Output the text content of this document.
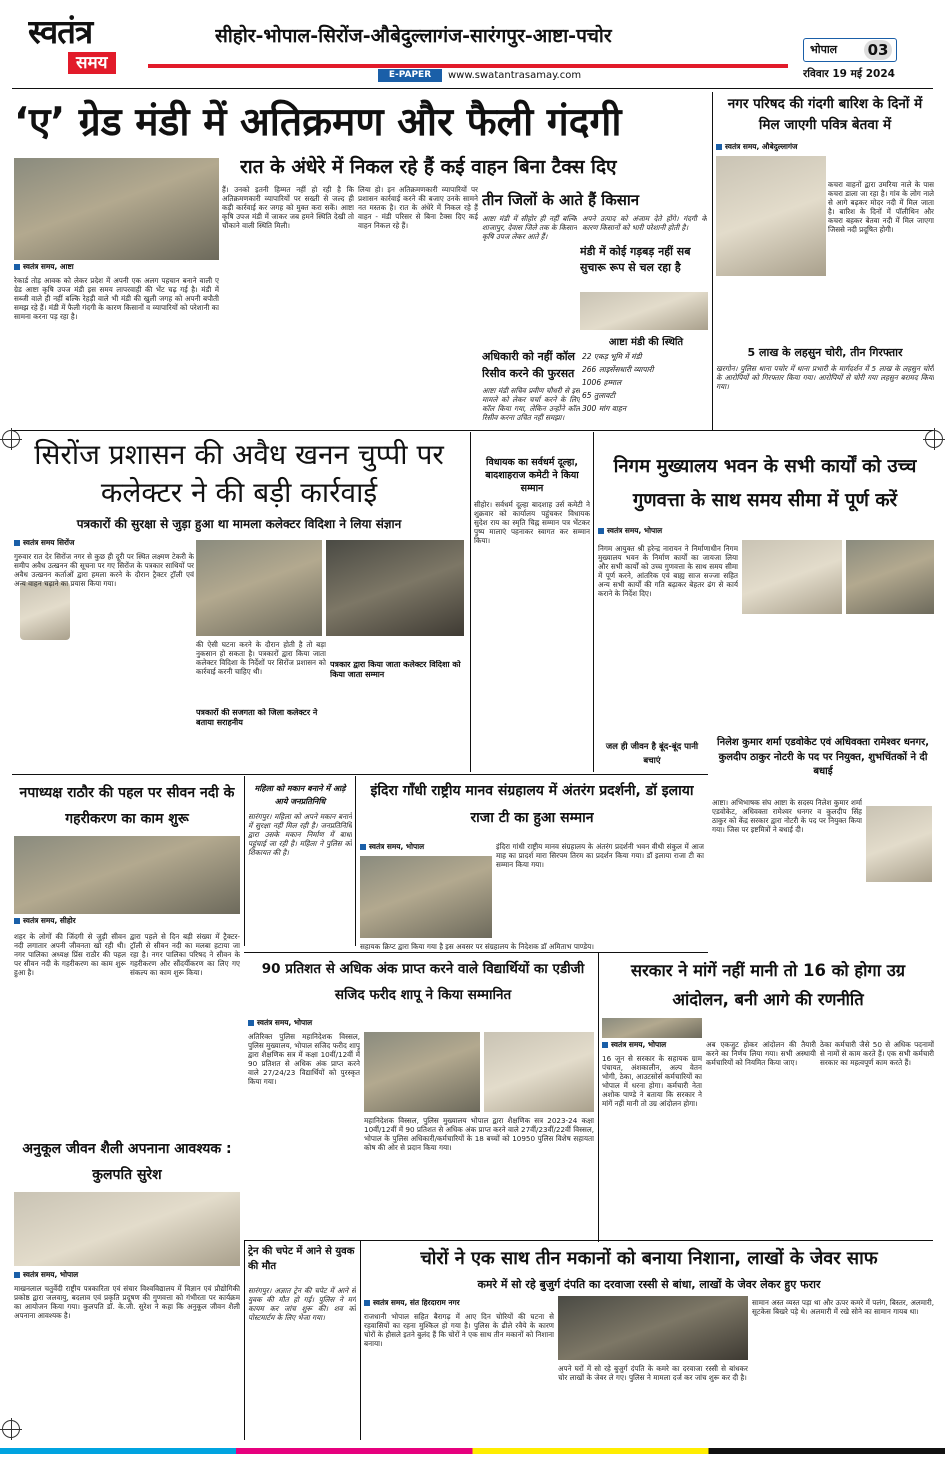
स्वतंत्र
समय
सीहोर-भोपाल-सिरोंज-औबेदुल्लागंज-सारंगपुर-आष्टा-पचोर
E-PAPER	www.swatantrasamay.com
भोपाल 03
रविवार 19 मई 2024
‘ए’ ग्रेड मंडी में अतिक्रमण और फैली गंदगी
रात के अंधेरे में निकल रहे हैं कई वाहन बिना टैक्स दिए
स्वतंत्र समय, आष्टा
रेकार्ड तोड़ आवक को लेकर प्रदेश में अपनी एक अलग पहचान बनाने वाली ए ग्रेड आष्टा कृषि उपज मंडी इस समय लापरवाही की भेंट चढ़ गई है। मंडी में सब्जी वाले ही नहीं बल्कि रेहड़ी वाले भी मंडी की खुली जगह को अपनी बपौती समझ रहे हैं। मंडी में फैली गंदगी के कारण किसानों व व्यापारियों को परेशानी का सामना करना पड़ रहा है।
हैं। उनको इतनी हिम्मत नहीं हो रही है कि अतिक्रमणकारी व्यापारियों पर सख्ती से जल्द ही कड़ी कार्रवाई कर जगह को मुक्त करा सकें। आष्टा कृषि उपज मंडी में जाकर जब हमने स्थिति देखी तो चौंकाने वाली स्थिति मिली।
लिया हो। इन अतिक्रमणकारी व्यापारियों पर प्रशासन कार्रवाई करने की बजाए उनके सामने नत मस्तक है। रात के अंधेरे में निकल रहे हैं वाहन - मंडी परिसर से बिना टैक्स दिए कई वाहन निकल रहे हैं।
तीन जिलों के आते हैं किसान
आष्टा मंडी में सीहोर ही नहीं बल्कि शाजापुर, देवास जिले तक के किसान कृषि उपज लेकर आते हैं।
अपने उत्पाद को अंजाम देते होंगे। गंदगी के कारण किसानों को भारी परेशानी होती है।
मंडी में कोई गड़बड़ नहीं सब सुचारू रूप से चल रहा है
अधिकारी को नहीं कॉल रिसीव करने की फुरसत
आष्टा मंडी सचिव प्रवीण चौधरी से इस मामले को लेकर चर्चा करने के लिए कॉल किया गया, लेकिन उन्होंने कॉल रिसीव करना उचित नहीं समझा।
आष्टा मंडी की स्थिति
22 एकड़ भूमि में मंडी
266 लाइसेंसधारी व्यापारी
1006 हम्माल
65 तुलावटी
300 मांग वाहन
नगर परिषद की गंदगी बारिश के दिनों में मिल जाएगी पवित्र बेतवा में
स्वतंत्र समय, औबेदुल्लागंज
कचरा वाहनों द्वारा उमरिया नाले के पास कचरा डाला जा रहा है। गांव के लोग नाले से आगे बढ़कर मोदर नदी में मिल जाता है। बारिश के दिनों में पॉलीथिन और कचरा बहकर बेतवा नदी में मिल जाएगा जिससे नदी प्रदूषित होगी।
5 लाख के लहसुन चोरी, तीन गिरफ्तार
खरगोन। पुलिस थाना पचोर में थाना प्रभारी के मार्गदर्शन में 5 लाख के लहसुन चोरी के आरोपियों को गिरफ्तार किया गया। आरोपियों से चोरी गया लहसुन बरामद किया गया।
सिरोंज प्रशासन की अवैध खनन चुप्पी पर कलेक्टर ने की बड़ी कार्रवाई
पत्रकारों की सुरक्षा से जुड़ा हुआ था मामला कलेक्टर विदिशा ने लिया संज्ञान
स्वतंत्र समय सिरोंज
गुरुवार रात देर सिरोंज नगर से कुछ ही दूरी पर स्थित लक्ष्मण टेकरी के समीप अवैध उत्खनन की सूचना पर गए सिरोंज के पत्रकार साथियों पर अवैध उत्खनन कर्ताओं द्वारा हमला करने के दौरान ट्रैक्टर ट्रॉली एवं अन्य वाहन चढ़ाने का प्रयास किया गया।
की ऐसी घटना करने के दौरान होती है तो बड़ा नुकसान हो सकता है। पत्रकारों द्वारा किया जाता कलेक्टर विदिशा के निर्देशों पर सिरोंज प्रशासन को कार्रवाई करनी चाहिए थी।
पत्रकार द्वारा किया जाता कलेक्टर विदिशा को किया जाता सम्मान
पत्रकारों की सजगता को जिला कलेक्टर ने बताया सराहनीय
विधायक का सर्वधर्म दूल्हा, बादशाहराज कमेटी ने किया सम्मान
सीहोर। सर्वधर्म दूल्हा बादशाह उर्स कमेटी ने शुक्रवार को कार्यालय पहुंचकर विधायक सुदेश राय का स्मृति चिह्न सम्मान पत्र भेंटकर पुष्प मालाएं पहनाकर स्वागत कर सम्मान किया।
जल ही जीवन है बूंद-बूंद पानी बचाएं
निगम मुख्यालय भवन के सभी कार्यों को उच्च गुणवत्ता के साथ समय सीमा में पूर्ण करें
स्वतंत्र समय, भोपाल
निगम आयुक्त श्री हरेन्द्र नारायन ने निर्माणाधीन निगम मुख्यालय भवन के निर्माण कार्यों का जायजा लिया और सभी कार्यों को उच्च गुणवत्ता के साथ समय सीमा में पूर्ण करने, आंतरिक एवं बाह्य साज सज्जा सहित अन्य सभी कार्यों की गति बढ़ाकर बेहतर ढंग से कार्य कराने के निर्देश दिए।
निलेश कुमार शर्मा एडवोकेट एवं अधिवक्ता रामेश्वर धनगर, कुलदीप ठाकुर नोटरी के पद पर नियुक्त, शुभचिंतकों ने दी बधाई
आष्टा। अभिभाषक संघ आष्टा के सदस्य निलेश कुमार शर्मा एडवोकेट, अधिवक्ता रामेश्वर धनगर व कुलदीप सिंह ठाकुर को केंद्र सरकार द्वारा नोटरी के पद पर नियुक्त किया गया। जिस पर इष्टमित्रों ने बधाई दी।
नपाध्यक्ष राठौर की पहल पर सीवन नदी के गहरीकरण का काम शुरू
स्वतंत्र समय, सीहोर
शहर के लोगों की जिंदगी से जुड़ी सीवन नदी लगातार अपनी जीवनता खो रही थी। नगर पालिका अध्यक्ष प्रिंस राठौर की पहल पर सीवन नदी के गहरीकरण का काम शुरू हुआ है।
द्वारा पहले से दिन बड़ी संख्या में ट्रैक्टर-ट्रॉली से सीवन नदी का मलबा हटाया जा रहा है। नगर पालिका परिषद ने सीवन के गहरीकरण और सौंदर्यीकरण का लिए गए संकल्प का काम शुरू किया।
महिला को मकान बनाने में आड़े आये जनप्रतिनिधि
सारंगपुर। महिला को अपने मकान बनाने में सुरक्षा नहीं मिल रही है। जनप्रतिनिधि द्वारा उसके मकान निर्माण में बाधा पहुंचाई जा रही है। महिला ने पुलिस को शिकायत की है।
इंदिरा गाँधी राष्ट्रीय मानव संग्रहालय में अंतरंग प्रदर्शनी, डॉ इलाया राजा टी का हुआ सम्मान
स्वतंत्र समय, भोपाल	इंदिरा गांधी राष्ट्रीय मानव संग्रहालय के अंतरंग प्रदर्शनी भवन वीथी संकुल में आज माह का प्रादर्श मारा सिरपम तिरम का प्रदर्शन किया गया। डॉ इलाया राजा टी का सम्मान किया गया।
सहायक क्रिप्ट द्वारा किया गया है इस अवसर पर संग्रहालय के निदेशक डॉ अमिताभ पाण्डेय।
90 प्रतिशत से अधिक अंक प्राप्त करने वाले विद्यार्थियों का एडीजी सजिद फरीद शापू ने किया सम्मानित
स्वतंत्र समय, भोपाल
अतिरिक्त पुलिस महानिदेशक विस्सल, पुलिस मुख्यालय, भोपाल सजिद फरीद शापू द्वारा शैक्षणिक सत्र में कक्षा 10वीं/12वीं में 90 प्रतिशत से अधिक अंक प्राप्त करने वाले 27/24/23 विद्यार्थियों को पुरस्कृत किया गया।
महानिदेशक विस्सल, पुलिस मुख्यालय भोपाल द्वारा शैक्षणिक सत्र 2023-24 कक्षा 10वीं/12वीं में 90 प्रतिशत से अधिक अंक प्राप्त करने वाले 27वीं/23वीं/22वीं विस्सल, भोपाल के पुलिस अधिकारी/कर्मचारियों के 18 बच्चों को 10950 पुलिस विशेष सहायता कोष की ओर से प्रदान किया गया।
सरकार ने मांगें नहीं मानी तो 16 को होगा उग्र आंदोलन, बनी आगे की रणनीति
स्वतंत्र समय, भोपाल
16 जून से सरकार के सहायक ग्राम पंचायत, अंशकालीन, अल्प वेतन भोगी, ठेका, आउटसोर्स कर्मचारियों का भोपाल में धरना होगा। कर्मचारी नेता अशोक पाण्डे ने बताया कि सरकार ने मांगें नहीं मानी तो उग्र आंदोलन होगा।
अब एकजुट होकर आंदोलन की तैयारी करने का निर्णय लिया गया। सभी अस्थायी कर्मचारियों को नियमित किया जाए।
ठेका कर्मचारी जैसे 50 से अधिक पदनामों से नामों से काम करते हैं। एक सभी कर्मचारी सरकार का महत्वपूर्ण काम करते हैं।
अनुकूल जीवन शैली अपनाना आवश्यक : कुलपति सुरेश
स्वतंत्र समय, भोपाल
माखनलाल चतुर्वेदी राष्ट्रीय पत्रकारिता एवं संचार विश्वविद्यालय में विज्ञान एवं प्रौद्योगिकी प्रकोष्ठ द्वारा जलवायु, बदलाव एवं प्रकृति प्रदूषण की गुणवत्ता को गंभीरता पर कार्यक्रम का आयोजन किया गया। कुलपति डॉ. के.जी. सुरेश ने कहा कि अनुकूल जीवन शैली अपनाना आवश्यक है।
ट्रेन की चपेट में आने से युवक की मौत
सारंगपुर। अज्ञात ट्रेन की चपेट में आने से युवक की मौत हो गई। पुलिस ने मर्ग कायम कर जांच शुरू की। शव को पोस्टमार्टम के लिए भेजा गया।
चोरों ने एक साथ तीन मकानों को बनाया निशाना, लाखों के जेवर साफ
कमरे में सो रहे बुजुर्ग दंपति का दरवाजा रस्सी से बांधा, लाखों के जेवर लेकर हुए फरार
स्वतंत्र समय, संत हिरदाराम नगर
राजधानी भोपाल सहित बैरागढ़ में आए दिन चोरियों की घटना से रहवासियों का रहना मुश्किल हो गया है। पुलिस के ढीले रवैये के कारण चोरों के हौसले इतने बुलंद हैं कि चोरों ने एक साथ तीन मकानों को निशाना बनाया।
अपने घरों में सो रहे बुजुर्ग दंपति के कमरे का दरवाजा रस्सी से बांधकर चोर लाखों के जेवर ले गए। पुलिस ने मामला दर्ज कर जांच शुरू कर दी है।
सामान अस्त व्यस्त पड़ा था और ऊपर कमरे में पलंग, बिस्तर, अलमारी, सूटकेस बिखरे पड़े थे। अलमारी में रखे सोने का सामान गायब था।
